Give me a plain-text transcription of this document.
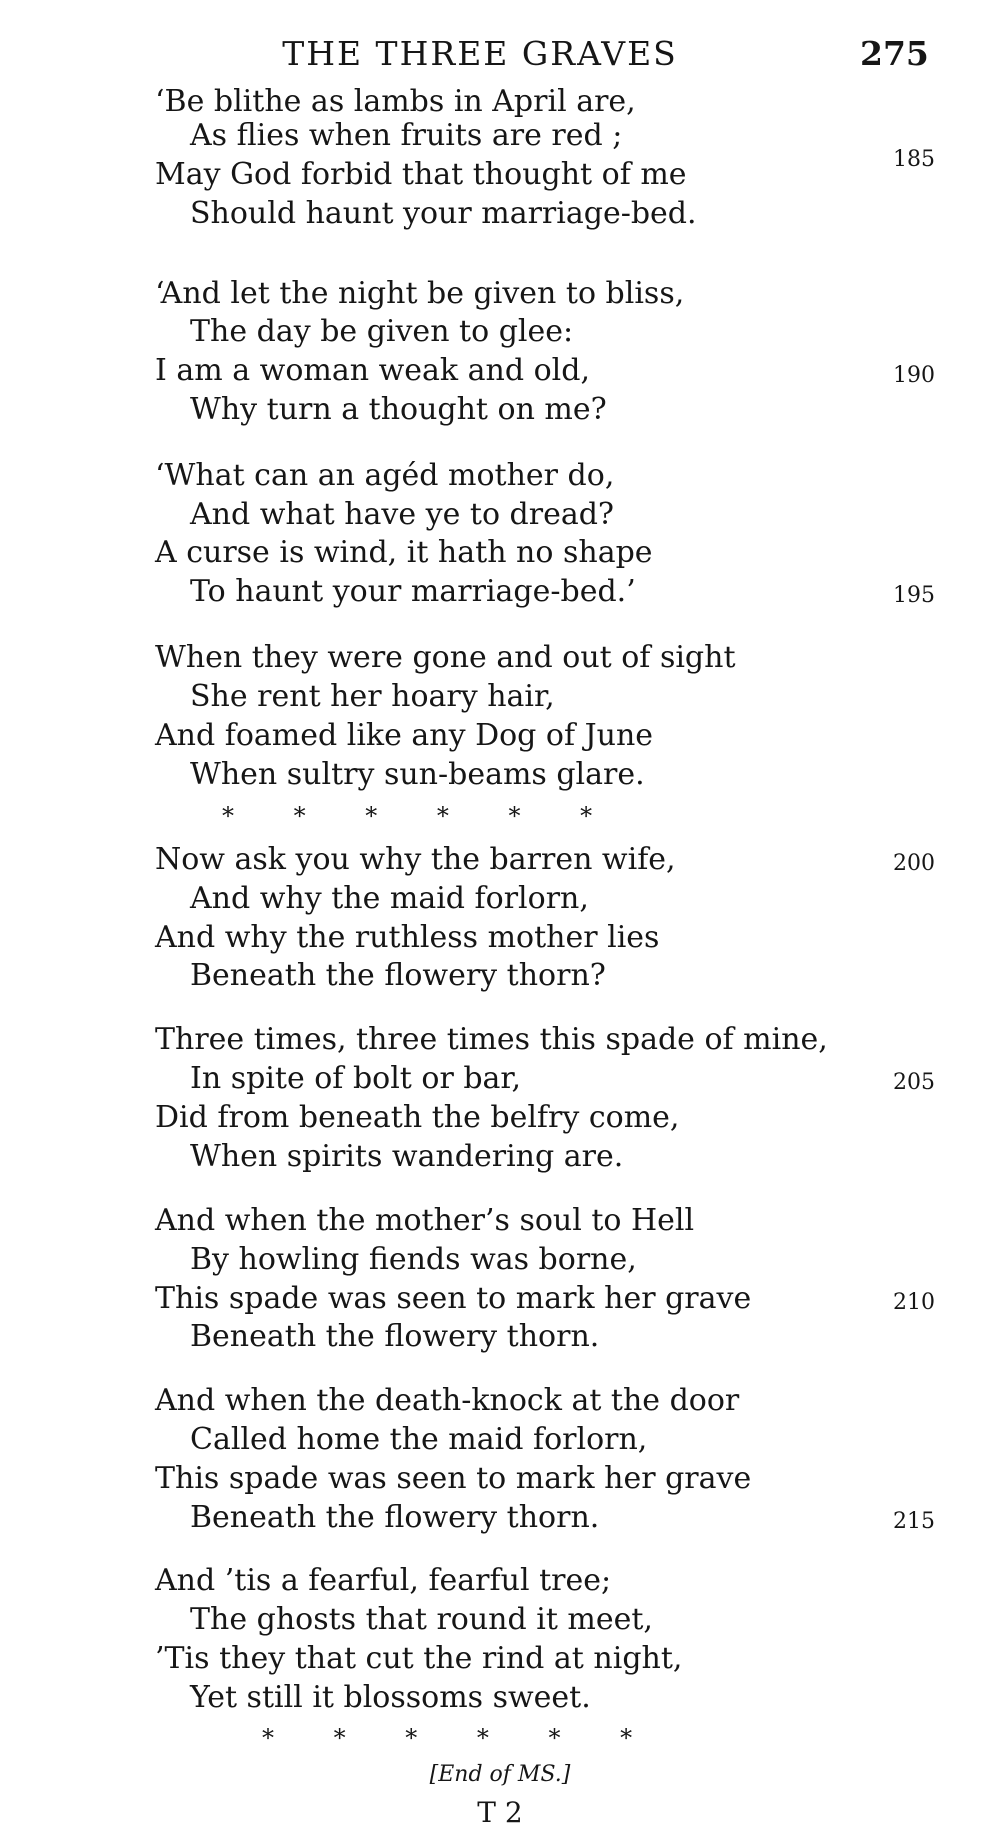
THE THREE GRAVES	275
‘Be blithe as lambs in April are,
As flies when fruits are red ;
May God forbid that thought of me
Should haunt your marriage-bed.
185
‘And let the night be given to bliss,
The day be given to glee:
I am a woman weak and old,
Why turn a thought on me?
190
‘What can an agéd mother do,
And what have ye to dread?
A curse is wind, it hath no shape
To haunt your marriage-bed.’	195
When they were gone and out of sight
She rent her hoary hair,
And foamed like any Dog of June
When sultry sun-beams glare.
* * * * * *
Now ask you why the barren wife,
And why the maid forlorn,
And why the ruthless mother lies
Beneath the flowery thorn?
200
Three times, three times this spade of mine,
In spite of bolt or bar,
Did from beneath the belfry come,
When spirits wandering are.
205
And when the mother’s soul to Hell
By howling fiends was borne,
This spade was seen to mark her grave
Beneath the flowery thorn.
210
And when the death-knock at the door
Called home the maid forlorn,
This spade was seen to mark her grave
Beneath the flowery thorn.	215
And ’tis a fearful, fearful tree;
The ghosts that round it meet,
’Tis they that cut the rind at night,
Yet still it blossoms sweet.
* * * * * *
[End of MS.]
T 2
